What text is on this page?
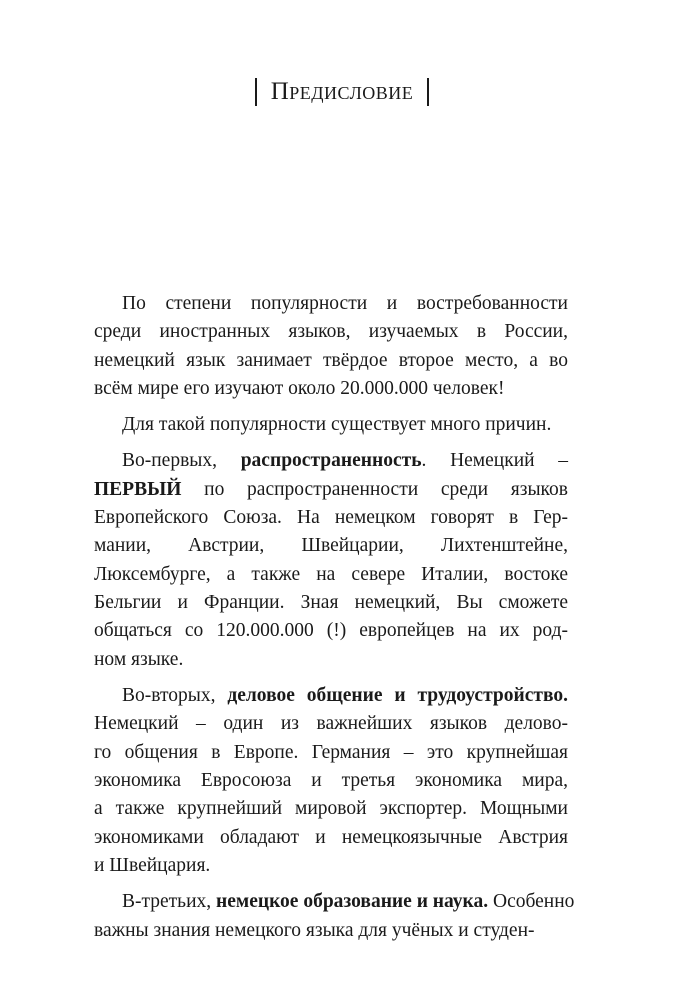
Предисловие
По степени популярности и востребованности
среди иностранных языков, изучаемых в России,
немецкий язык занимает твёрдое второе место, а во
всём мире его изучают около 20.000.000 человек!
Для такой популярности существует много причин.
Во-первых, распространенность. Немецкий –
ПЕРВЫЙ по распространенности среди языков
Европейского Союза. На немецком говорят в Гер-
мании, Австрии, Швейцарии, Лихтенштейне,
Люксембурге, а также на севере Италии, востоке
Бельгии и Франции. Зная немецкий, Вы сможете
общаться со 120.000.000 (!) европейцев на их род-
ном языке.
Во-вторых, деловое общение и трудоустройство.
Немецкий – один из важнейших языков делово-
го общения в Европе. Германия – это крупнейшая
экономика Евросоюза и третья экономика мира,
а также крупнейший мировой экспортер. Мощными
экономиками обладают и немецкоязычные Австрия
и Швейцария.
В-третьих, немецкое образование и наука. Особенно
важны знания немецкого языка для учёных и студен-
